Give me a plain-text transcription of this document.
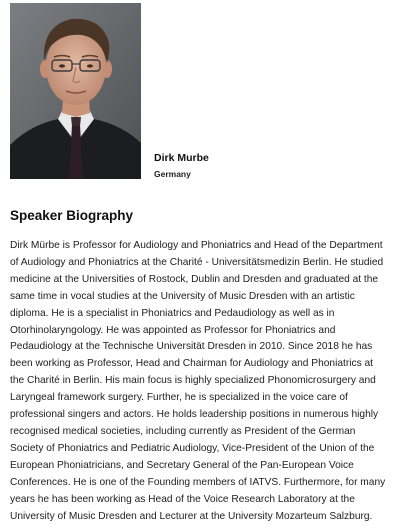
Dirk Murbe
Germany
Speaker Biography

Dirk Mürbe is Professor for Audiology and Phoniatrics and Head of the Department
of Audiology and Phoniatrics at the Charité - Universitätsmedizin Berlin. He studied
medicine at the Universities of Rostock, Dublin and Dresden and graduated at the
same time in vocal studies at the University of Music Dresden with an artistic
diploma. He is a specialist in Phoniatrics and Pedaudiology as well as in
Otorhinolaryngology. He was appointed as Professor for Phoniatrics and
Pedaudiology at the Technische Universität Dresden in 2010. Since 2018 he has
been working as Professor, Head and Chairman for Audiology and Phoniatrics at
the Charité in Berlin. His main focus is highly specialized Phonomicrosurgery and
Laryngeal framework surgery. Further, he is specialized in the voice care of
professional singers and actors. He holds leadership positions in numerous highly
recognised medical societies, including currently as President of the German
Society of Phoniatrics and Pediatric Audiology, Vice-President of the Union of the
European Phoniatricians, and Secretary General of the Pan-European Voice
Conferences. He is one of the Founding members of IATVS. Furthermore, for many
years he has been working as Head of the Voice Research Laboratory at the
University of Music Dresden and Lecturer at the University Mozarteum Salzburg.
